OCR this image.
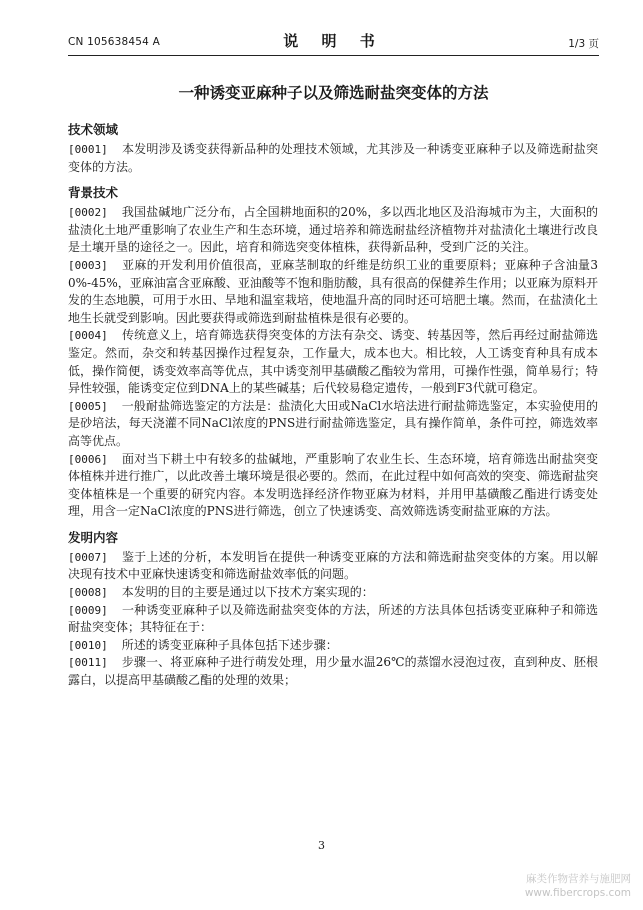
CN 105638454 A	说 明 书	1/3 页
一种诱变亚麻种子以及筛选耐盐突变体的方法
技术领域

[0001] 本发明涉及诱变获得新品种的处理技术领域，尤其涉及一种诱变亚麻种子以及筛选耐盐突变体的方法。

背景技术

[0002] 我国盐碱地广泛分布，占全国耕地面积的20%，多以西北地区及沿海城市为主，大面积的盐渍化土地严重影响了农业生产和生态环境，通过培养和筛选耐盐经济植物并对盐渍化土壤进行改良是土壤开垦的途径之一。因此，培育和筛选突变体植株，获得新品种，受到广泛的关注。

[0003] 亚麻的开发利用价值很高，亚麻茎制取的纤维是纺织工业的重要原料；亚麻种子含油量30%-45%，亚麻油富含亚麻酸、亚油酸等不饱和脂肪酸，具有很高的保健养生作用；以亚麻为原料开发的生态地膜，可用于水田、旱地和温室栽培，使地温升高的同时还可培肥土壤。然而，在盐渍化土地生长就受到影响。因此要获得或筛选到耐盐植株是很有必要的。

[0004] 传统意义上，培育筛选获得突变体的方法有杂交、诱变、转基因等，然后再经过耐盐筛选鉴定。然而，杂交和转基因操作过程复杂，工作量大，成本也大。相比较，人工诱变育种具有成本低，操作简便，诱变效率高等优点，其中诱变剂甲基磺酸乙酯较为常用，可操作性强，简单易行；特异性较强，能诱变定位到DNA上的某些碱基；后代较易稳定遗传，一般到F3代就可稳定。

[0005] 一般耐盐筛选鉴定的方法是：盐渍化大田或NaCl水培法进行耐盐筛选鉴定，本实验使用的是砂培法，每天浇灌不同NaCl浓度的PNS进行耐盐筛选鉴定，具有操作简单，条件可控，筛选效率高等优点。

[0006] 面对当下耕土中有较多的盐碱地，严重影响了农业生长、生态环境，培育筛选出耐盐突变体植株并进行推广，以此改善土壤环境是很必要的。然而，在此过程中如何高效的突变、筛选耐盐突变体植株是一个重要的研究内容。本发明选择经济作物亚麻为材料，并用甲基磺酸乙酯进行诱变处理，用含一定NaCl浓度的PNS进行筛选，创立了快速诱变、高效筛选诱变耐盐亚麻的方法。

发明内容

[0007] 鉴于上述的分析，本发明旨在提供一种诱变亚麻的方法和筛选耐盐突变体的方案。用以解决现有技术中亚麻快速诱变和筛选耐盐效率低的问题。

[0008] 本发明的目的主要是通过以下技术方案实现的：

[0009] 一种诱变亚麻种子以及筛选耐盐突变体的方法，所述的方法具体包括诱变亚麻种子和筛选耐盐突变体；其特征在于：

[0010] 所述的诱变亚麻种子具体包括下述步骤：

[0011] 步骤一、将亚麻种子进行萌发处理，用少量水温26℃的蒸馏水浸泡过夜，直到种皮、胚根露白，以提高甲基磺酸乙酯的处理的效果；

3
麻类作物营养与施肥网
www.fibercrops.com
